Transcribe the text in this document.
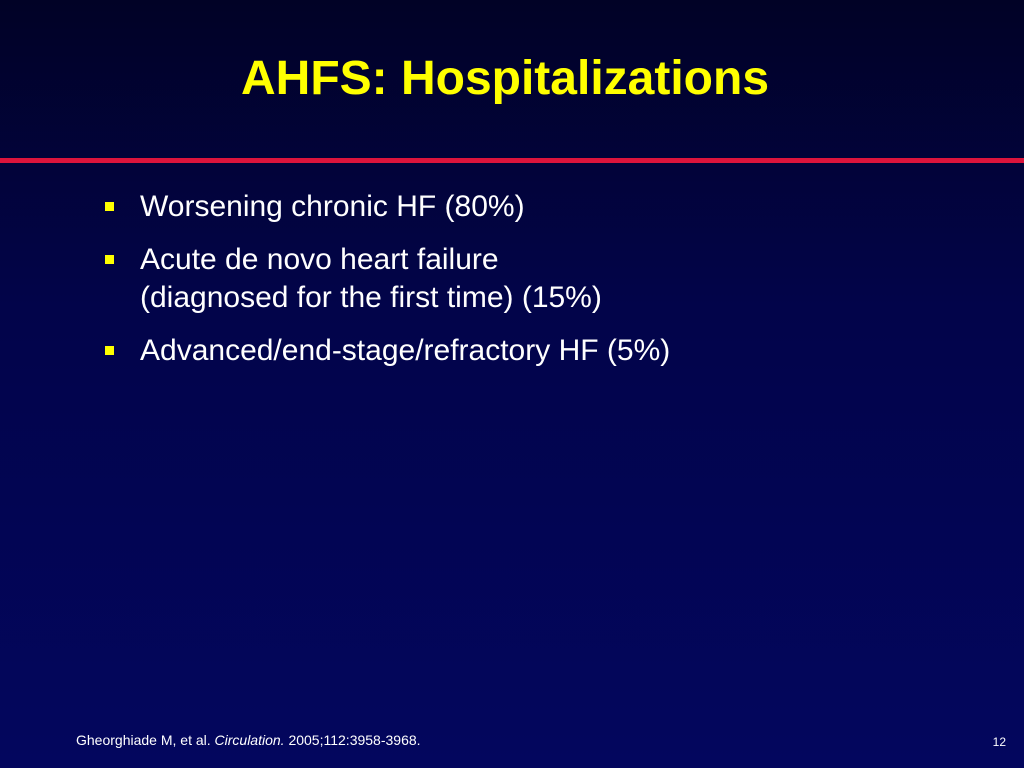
AHFS: Hospitalizations
Worsening chronic HF (80%)
Acute de novo heart failure
(diagnosed for the first time) (15%)
Advanced/end-stage/refractory HF (5%)
Gheorghiade M, et al. Circulation. 2005;112:3958-3968.	12
